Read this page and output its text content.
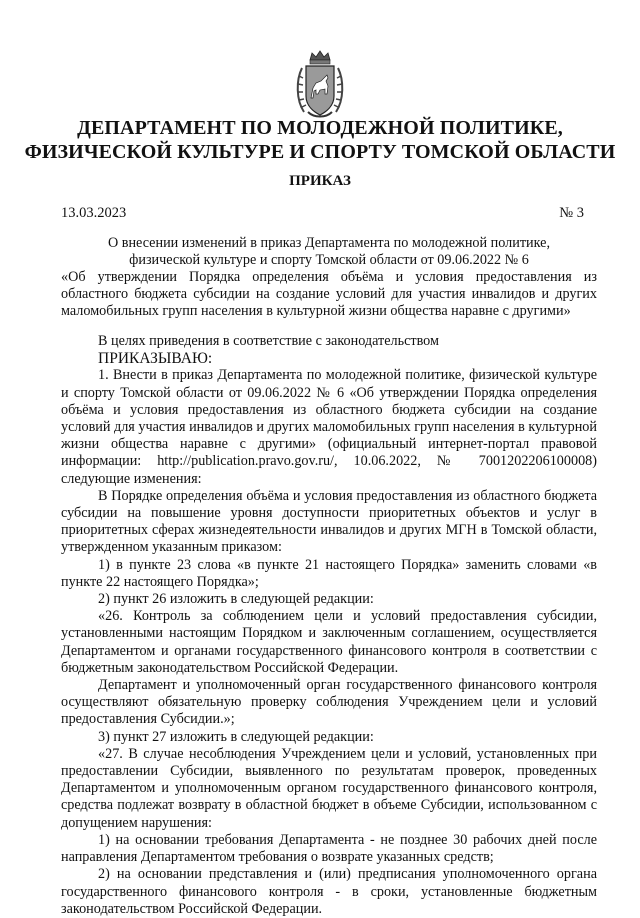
ДЕПАРТАМЕНТ ПО МОЛОДЕЖНОЙ ПОЛИТИКЕ,
ФИЗИЧЕСКОЙ КУЛЬТУРЕ И СПОРТУ ТОМСКОЙ ОБЛАСТИ
ПРИКАЗ
13.03.2023	№ 3
О внесении изменений в приказ Департамента по молодежной политике,
физической культуре и спорту Томской области от 09.06.2022 № 6
«Об утверждении Порядка определения объёма и условия предоставления из областного бюджета субсидии на создание условий для участия инвалидов и других маломобильных групп населения в культурной жизни общества наравне с другими»

В целях приведения в соответствие с законодательством

ПРИКАЗЫВАЮ:

1. Внести в приказ Департамента по молодежной политике, физической культуре и спорту Томской области от 09.06.2022 № 6 «Об утверждении Порядка определения объёма и условия предоставления из областного бюджета субсидии на создание условий для участия инвалидов и других маломобильных групп населения в культурной жизни общества наравне с другими» (официальный интернет-портал правовой информации: http://publication.pravo.gov.ru/, 10.06.2022, № 7001202206100008) следующие изменения:

В Порядке определения объёма и условия предоставления из областного бюджета субсидии на повышение уровня доступности приоритетных объектов и услуг в приоритетных сферах жизнедеятельности инвалидов и других МГН в Томской области, утвержденном указанным приказом:

1) в пункте 23 слова «в пункте 21 настоящего Порядка» заменить словами «в пункте 22 настоящего Порядка»;

2) пункт 26 изложить в следующей редакции:

«26. Контроль за соблюдением цели и условий предоставления субсидии, установленными настоящим Порядком и заключенным соглашением, осуществляется Департаментом и органами государственного финансового контроля в соответствии с бюджетным законодательством Российской Федерации.

Департамент и уполномоченный орган государственного финансового контроля осуществляют обязательную проверку соблюдения Учреждением цели и условий предоставления Субсидии.»;

3) пункт 27 изложить в следующей редакции:

«27. В случае несоблюдения Учреждением цели и условий, установленных при предоставлении Субсидии, выявленного по результатам проверок, проведенных Департаментом и уполномоченным органом государственного финансового контроля, средства подлежат возврату в областной бюджет в объеме Субсидии, использованном с допущением нарушения:

1) на основании требования Департамента - не позднее 30 рабочих дней после направления Департаментом требования о возврате указанных средств;

2) на основании представления и (или) предписания уполномоченного органа государственного финансового контроля - в сроки, установленные бюджетным законодательством Российской Федерации.
